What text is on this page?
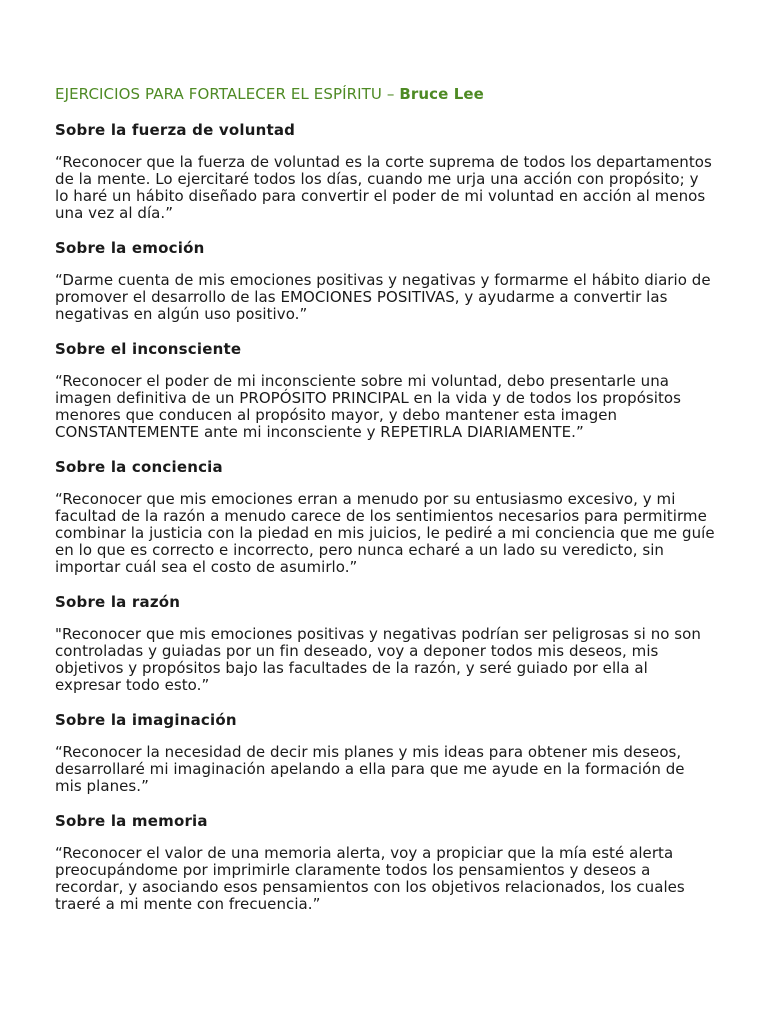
EJERCICIOS PARA FORTALECER EL ESPÍRITU – Bruce Lee
Sobre la fuerza de voluntad
“Reconocer que la fuerza de voluntad es la corte suprema de todos los departamentos de la mente. Lo ejercitaré todos los días, cuando me urja una acción con propósito; y lo haré un hábito diseñado para convertir el poder de mi voluntad en acción al menos una vez al día.”
Sobre la emoción
“Darme cuenta de mis emociones positivas y negativas y formarme el hábito diario de promover el desarrollo de las EMOCIONES POSITIVAS, y ayudarme a convertir las negativas en algún uso positivo.”
Sobre el inconsciente
“Reconocer el poder de mi inconsciente sobre mi voluntad, debo presentarle una imagen definitiva de un PROPÓSITO PRINCIPAL en la vida y de todos los propósitos menores que conducen al propósito mayor, y debo mantener esta imagen CONSTANTEMENTE ante mi inconsciente y REPETIRLA DIARIAMENTE.”
Sobre la conciencia
“Reconocer que mis emociones erran a menudo por su entusiasmo excesivo, y mi facultad de la razón a menudo carece de los sentimientos necesarios para permitirme combinar la justicia con la piedad en mis juicios, le pediré a mi conciencia que me guíe en lo que es correcto e incorrecto, pero nunca echaré a un lado su veredicto, sin importar cuál sea el costo de asumirlo.”
Sobre la razón
"Reconocer que mis emociones positivas y negativas podrían ser peligrosas si no son controladas y guiadas por un fin deseado, voy a deponer todos mis deseos, mis objetivos y propósitos bajo las facultades de la razón, y seré guiado por ella al expresar todo esto.”
Sobre la imaginación
“Reconocer la necesidad de decir mis planes y mis ideas para obtener mis deseos, desarrollaré mi imaginación apelando a ella para que me ayude en la formación de mis planes.”
Sobre la memoria
“Reconocer el valor de una memoria alerta, voy a propiciar que la mía esté alerta preocupándome por imprimirle claramente todos los pensamientos y deseos a recordar, y asociando esos pensamientos con los objetivos relacionados, los cuales traeré a mi mente con frecuencia.”
